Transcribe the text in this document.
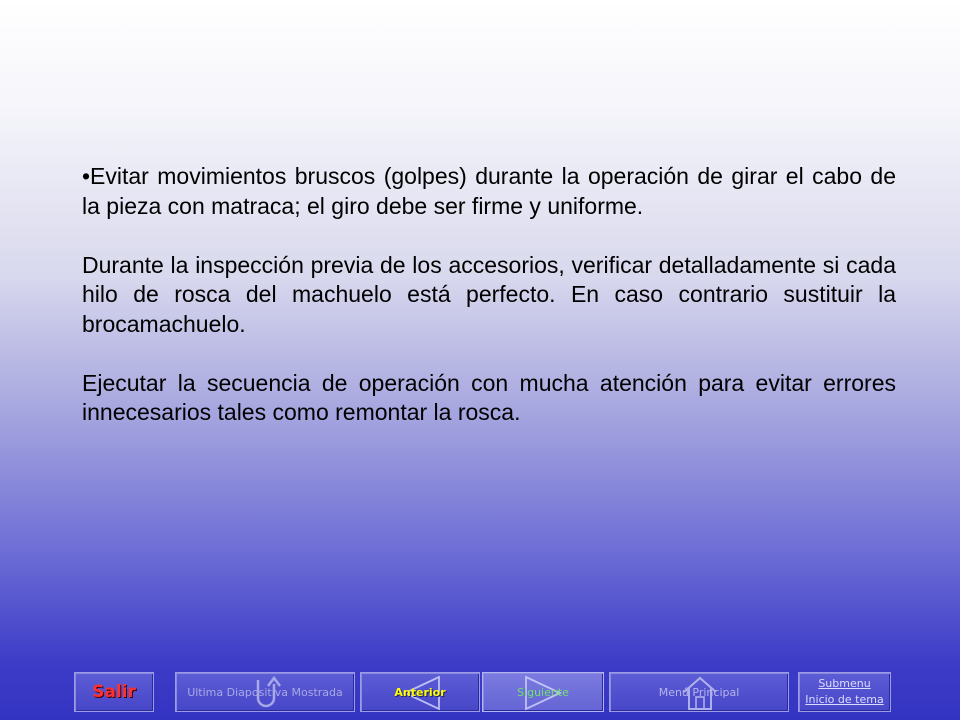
•Evitar movimientos bruscos (golpes) durante la operación de girar el cabo de la pieza con matraca; el giro debe ser firme y uniforme.

Durante la inspección previa de los accesorios, verificar detalladamente si cada hilo de rosca del machuelo está perfecto. En caso contrario sustituir la brocamachuelo.

Ejecutar la secuencia de operación con mucha atención para evitar errores innecesarios tales como remontar la rosca.

Salir	Ultima Diapositiva Mostrada	Anterior	Siguiente	Menú Principal
Submenu
Inicio de tema
